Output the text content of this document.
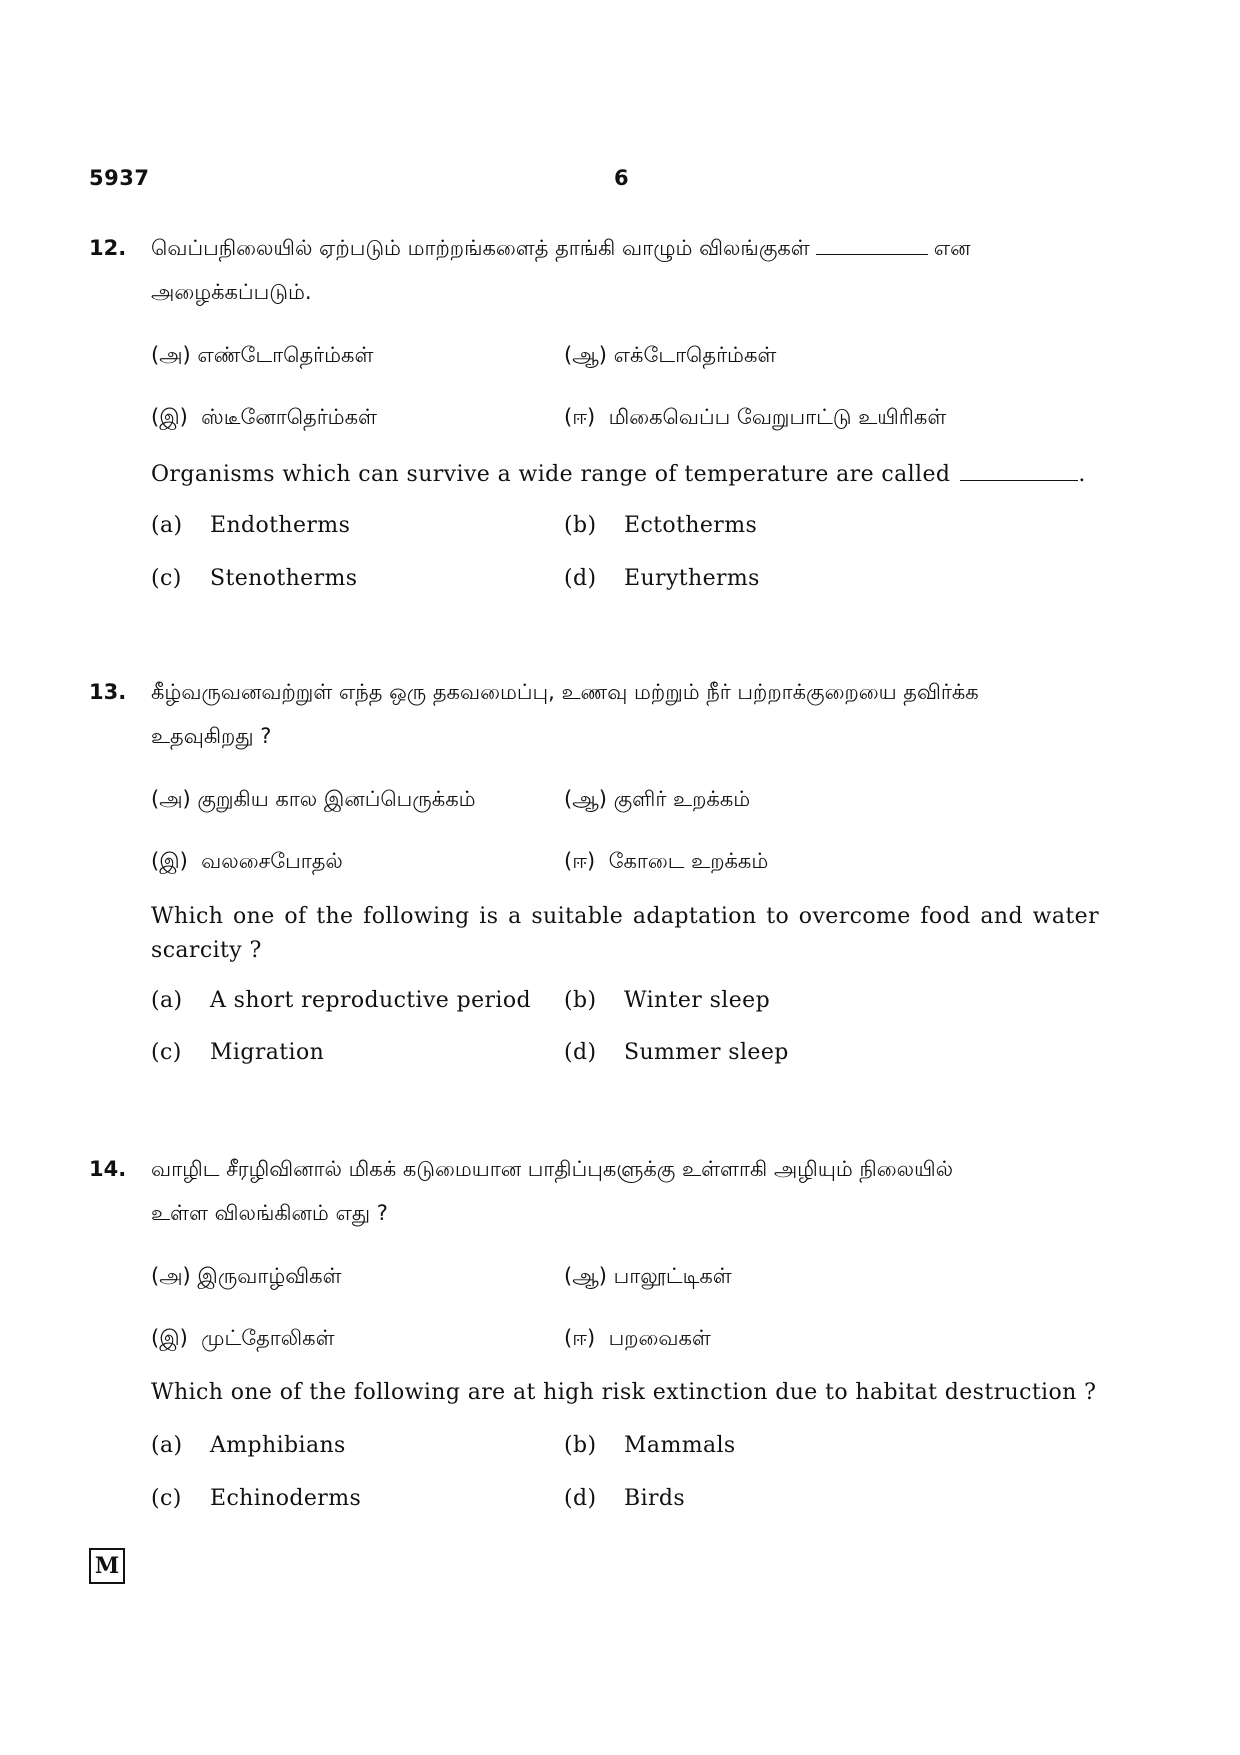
5937	6
12. வெப்பநிலையில் ஏற்படும் மாற்றங்களைத் தாங்கி வாழும் விலங்குகள்	என
அழைக்கப்படும்.
(அ) எண்டோதெர்ம்கள்	(ஆ) எக்டோதெர்ம்கள்
(இ) ஸ்டீனோதெர்ம்கள்	(ஈ) மிகைவெப்ப வேறுபாட்டு உயிரிகள்
Organisms which can survive a wide range of temperature are called	.
(a) Endotherms	(b) Ectotherms
(c) Stenotherms	(d) Eurytherms
13. கீழ்வருவனவற்றுள் எந்த ஒரு தகவமைப்பு, உணவு மற்றும் நீர் பற்றாக்குறையை தவிர்க்க
உதவுகிறது ?
(அ) குறுகிய கால இனப்பெருக்கம்	(ஆ) குளிர் உறக்கம்
(இ) வலசைபோதல்	(ஈ) கோடை உறக்கம்
Which one of the following is a suitable adaptation to overcome food and water scarcity ?
(a) A short reproductive period (b) Winter sleep
(c) Migration	(d) Summer sleep
14. வாழிட சீரழிவினால் மிகக் கடுமையான பாதிப்புகளுக்கு உள்ளாகி அழியும் நிலையில்
உள்ள விலங்கினம் எது ?
(அ) இருவாழ்விகள்	(ஆ) பாலூட்டிகள்
(இ) முட்தோலிகள்	(ஈ) பறவைகள்
Which one of the following are at high risk extinction due to habitat destruction ?
(a) Amphibians	(b) Mammals
(c) Echinoderms	(d) Birds
M
